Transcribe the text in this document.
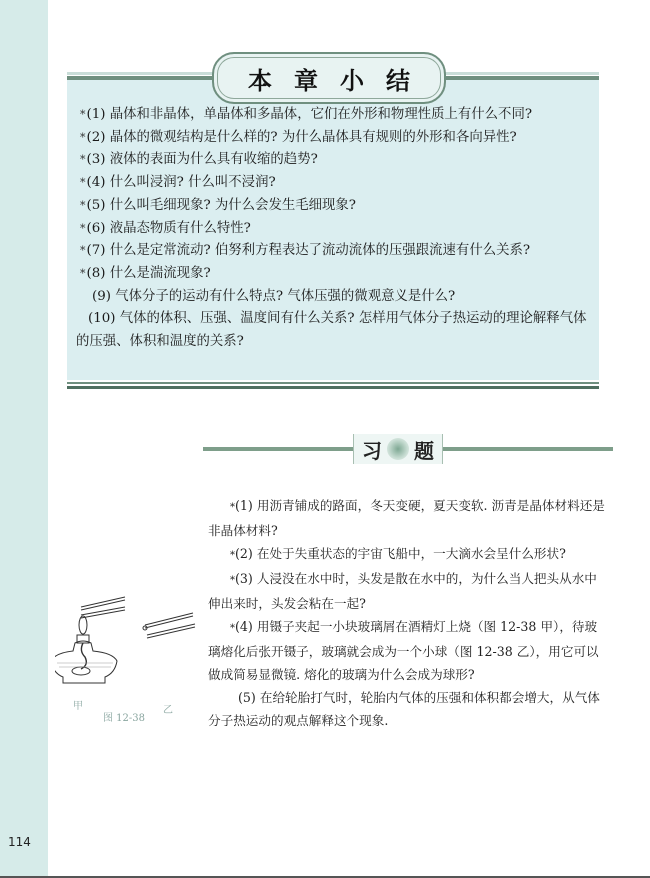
本章小结
*(1) 晶体和非晶体，单晶体和多晶体，它们在外形和物理性质上有什么不同?
*(2) 晶体的微观结构是什么样的? 为什么晶体具有规则的外形和各向异性?
*(3) 液体的表面为什么具有收缩的趋势?
*(4) 什么叫浸润? 什么叫不浸润?
*(5) 什么叫毛细现象? 为什么会发生毛细现象?
*(6) 液晶态物质有什么特性?
*(7) 什么是定常流动? 伯努利方程表达了流动流体的压强跟流速有什么关系?
*(8) 什么是湍流现象?
(9) 气体分子的运动有什么特点? 气体压强的微观意义是什么?
(10) 气体的体积、压强、温度间有什么关系? 怎样用气体分子热运动的理论解释气体的压强、体积和温度的关系?
习 题

*(1) 用沥青铺成的路面，冬天变硬，夏天变软. 沥青是晶体材料还是非晶体材料?

*(2) 在处于失重状态的宇宙飞船中，一大滴水会呈什么形状?

*(3) 人浸没在水中时，头发是散在水中的，为什么当人把头从水中伸出来时，头发会粘在一起?

*(4) 用镊子夹起一小块玻璃屑在酒精灯上烧（图 12-38 甲），待玻璃熔化后张开镊子，玻璃就会成为一个小球（图 12-38 乙），用它可以做成简易显微镜. 熔化的玻璃为什么会成为球形?

(5) 在给轮胎打气时，轮胎内气体的压强和体积都会增大，从气体分子热运动的观点解释这个现象.

甲	乙
图 12-38
114
